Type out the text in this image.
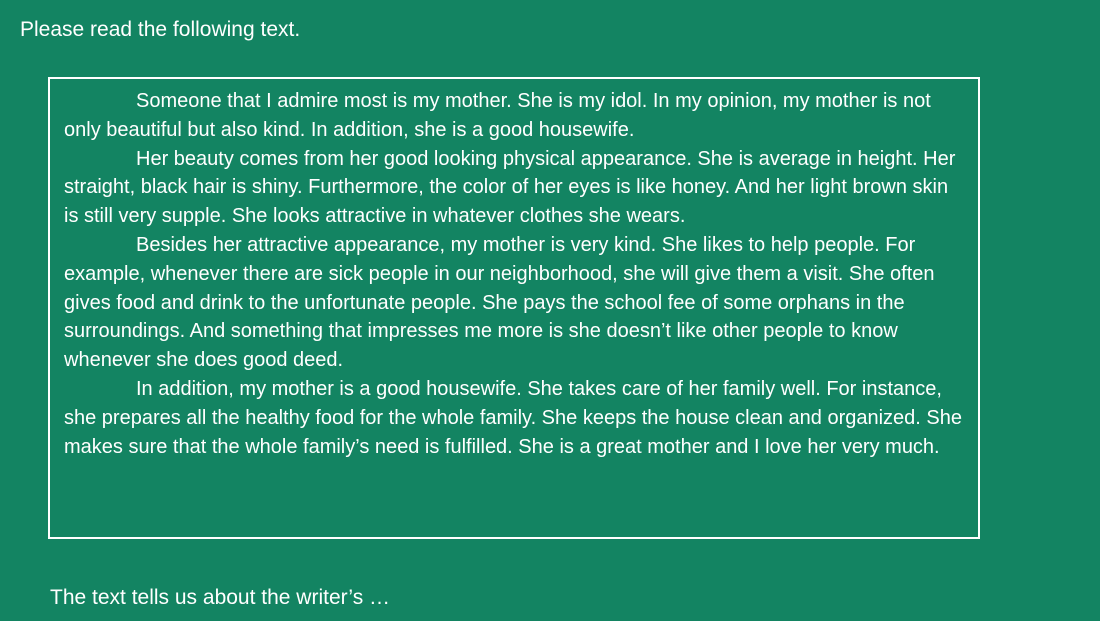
Please read the following text.

Someone that I admire most is my mother. She is my idol. In my opinion, my mother is not only beautiful but also kind. In addition, she is a good housewife.

Her beauty comes from her good looking physical appearance. She is average in height. Her straight, black hair is shiny. Furthermore, the color of her eyes is like honey. And her light brown skin is still very supple. She looks attractive in whatever clothes she wears.

Besides her attractive appearance, my mother is very kind. She likes to help people. For example, whenever there are sick people in our neighborhood, she will give them a visit. She often gives food and drink to the unfortunate people. She pays the school fee of some orphans in the surroundings. And something that impresses me more is she doesn’t like other people to know whenever she does good deed.

In addition, my mother is a good housewife. She takes care of her family well. For instance, she prepares all the healthy food for the whole family. She keeps the house clean and organized. She makes sure that the whole family’s need is fulfilled. She is a great mother and I love her very much.

The text tells us about the writer’s …
